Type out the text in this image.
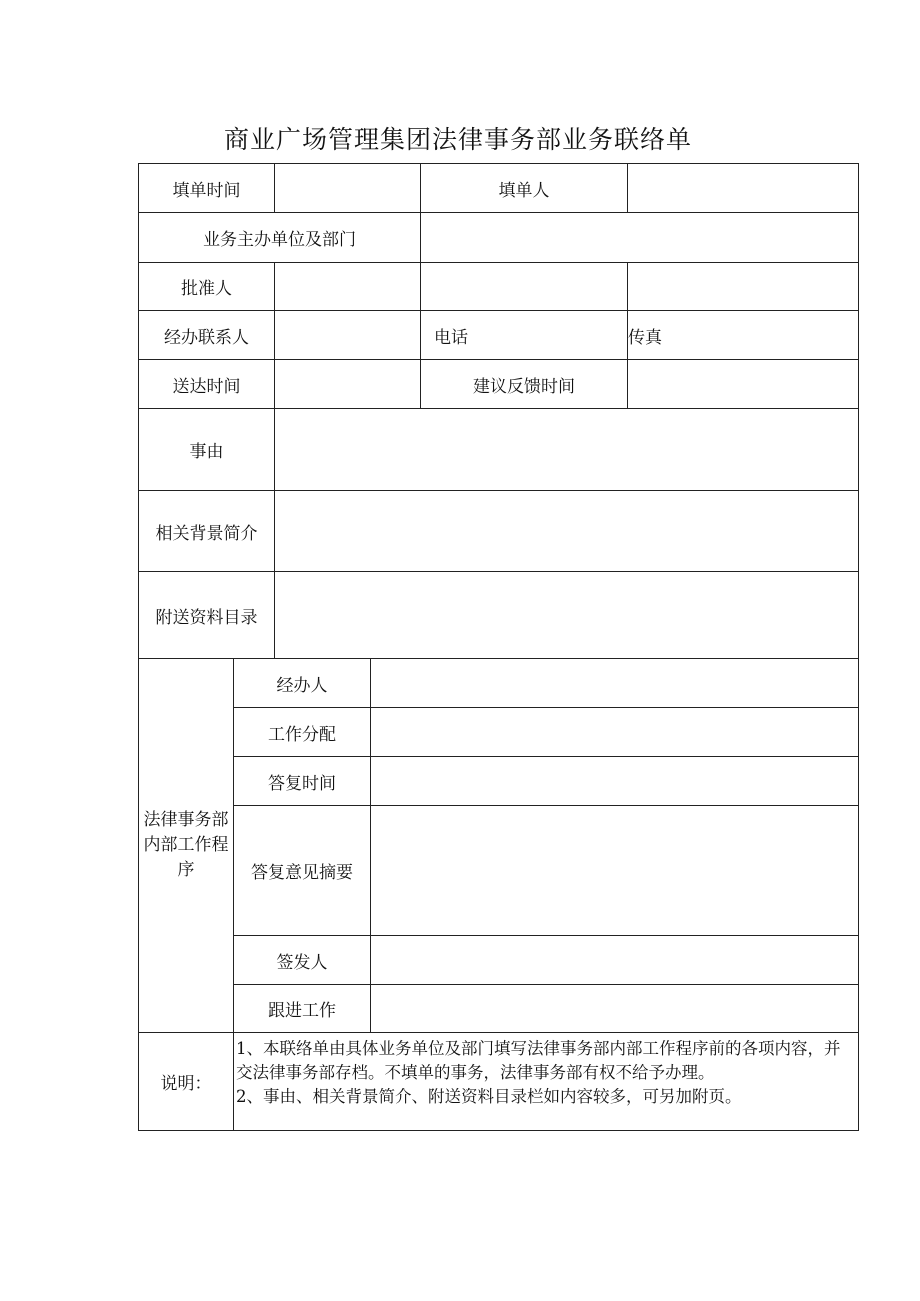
商业广场管理集团法律事务部业务联络单
填单时间				填单人	
业务主办单位及部门					
批准人					
经办联系人				电话	传真
送达时间				建议反馈时间	
事由					
相关背景简介					
附送资料目录					
法律事务部内部工作程序	经办人				
	工作分配				
	答复时间				
	答复意见摘要				
	签发人				
	跟进工作				
说明：	1、本联络单由具体业务单位及部门填写法律事务部内部工作程序前的各项内容，并交法律事务部存档。不填单的事务，法律事务部有权不给予办理。
2、事由、相关背景简介、附送资料目录栏如内容较多，可另加附页。				
